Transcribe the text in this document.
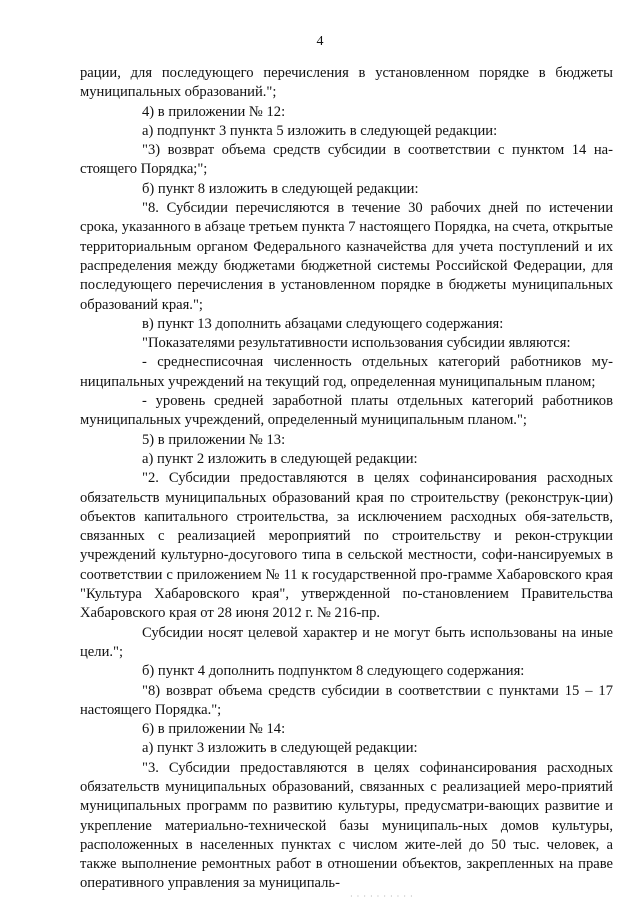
4

рации, для последующего перечисления в установленном порядке в бюджеты муниципальных образований.";

4) в приложении № 12:

а) подпункт 3 пункта 5 изложить в следующей редакции:

"3) возврат объема средств субсидии в соответствии с пунктом 14 на-стоящего Порядка;";

б) пункт 8 изложить в следующей редакции:

"8. Субсидии перечисляются в течение 30 рабочих дней по истечении срока, указанного в абзаце третьем пункта 7 настоящего Порядка, на счета, открытые территориальным органом Федерального казначейства для учета поступлений и их распределения между бюджетами бюджетной системы Российской Федерации, для последующего перечисления в установленном порядке в бюджеты муниципальных образований края.";

в) пункт 13 дополнить абзацами следующего содержания:

"Показателями результативности использования субсидии являются:

- среднесписочная численность отдельных категорий работников му-ниципальных учреждений на текущий год, определенная муниципальным планом;

- уровень средней заработной платы отдельных категорий работников муниципальных учреждений, определенный муниципальным планом.";

5) в приложении № 13:

а) пункт 2 изложить в следующей редакции:

"2. Субсидии предоставляются в целях софинансирования расходных обязательств муниципальных образований края по строительству (реконструк-ции) объектов капитального строительства, за исключением расходных обя-зательств, связанных с реализацией мероприятий по строительству и рекон-струкции учреждений культурно-досугового типа в сельской местности, софи-нансируемых в соответствии с приложением № 11 к государственной про-грамме Хабаровского края "Культура Хабаровского края", утвержденной по-становлением Правительства Хабаровского края от 28 июня 2012 г. № 216-пр.

Субсидии носят целевой характер и не могут быть использованы на иные цели.";

б) пункт 4 дополнить подпунктом 8 следующего содержания:

"8) возврат объема средств субсидии в соответствии с пунктами 15 – 17 настоящего Порядка.";

6) в приложении № 14:

а) пункт 3 изложить в следующей редакции:

"3. Субсидии предоставляются в целях софинансирования расходных обязательств муниципальных образований, связанных с реализацией меро-приятий муниципальных программ по развитию культуры, предусматри-вающих развитие и укрепление материально-технической базы муниципаль-ных домов культуры, расположенных в населенных пунктах с числом жите-лей до 50 тыс. человек, а также выполнение ремонтных работ в отношении объектов, закрепленных на праве оперативного управления за муниципаль-

· · · · · · · · · ·
